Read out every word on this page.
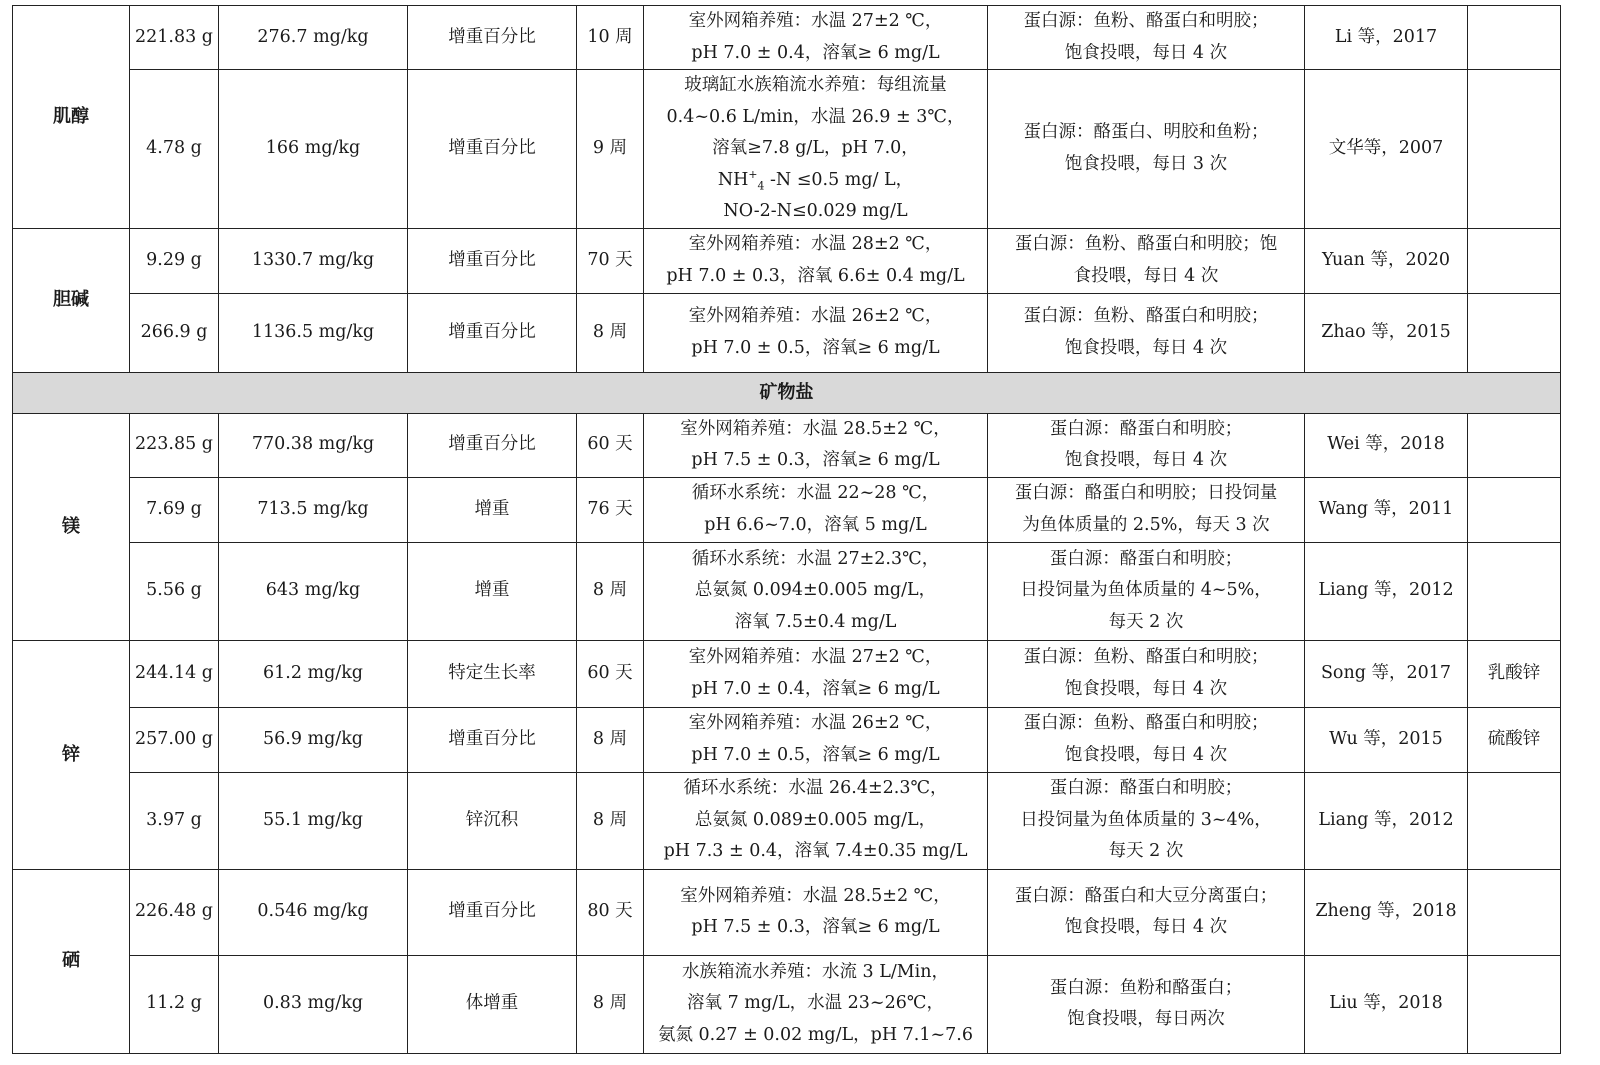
肌醇	221.83 g	276.7 mg/kg	增重百分比	10 周	室外网箱养殖：水温 27±2 ℃，
pH 7.0 ± 0.4，溶氧≥ 6 mg/L	蛋白源：鱼粉、酪蛋白和明胶；
饱食投喂，每日 4 次	Li 等，2017	
	4.78 g	166 mg/kg	增重百分比	9 周	玻璃缸水族箱流水养殖：每组流量
0.4~0.6 L/min，水温 26.9 ± 3℃，
溶氧≥7.8 g/L，pH 7.0，
$NH^+_4$ -N ≤0.5 mg/ L，
NO-2-N≤0.029 mg/L	蛋白源：酪蛋白、明胶和鱼粉；
饱食投喂，每日 3 次	文华等，2007	
胆碱	9.29 g	1330.7 mg/kg	增重百分比	70 天	室外网箱养殖：水温 28±2 ℃，
pH 7.0 ± 0.3，溶氧 6.6± 0.4 mg/L	蛋白源：鱼粉、酪蛋白和明胶；饱
食投喂，每日 4 次	Yuan 等，2020	
	266.9 g	1136.5 mg/kg	增重百分比	8 周	室外网箱养殖：水温 26±2 ℃，
pH 7.0 ± 0.5，溶氧≥ 6 mg/L	蛋白源：鱼粉、酪蛋白和明胶；
饱食投喂，每日 4 次	Zhao 等，2015	
矿物盐								
镁	223.85 g	770.38 mg/kg	增重百分比	60 天	室外网箱养殖：水温 28.5±2 ℃，
pH 7.5 ± 0.3，溶氧≥ 6 mg/L	蛋白源：酪蛋白和明胶；
饱食投喂，每日 4 次	Wei 等，2018	
	7.69 g	713.5 mg/kg	增重	76 天	循环水系统：水温 22~28 ℃，
pH 6.6~7.0，溶氧 5 mg/L	蛋白源：酪蛋白和明胶；日投饲量
为鱼体质量的 2.5%，每天 3 次	Wang 等，2011	
	5.56 g	643 mg/kg	增重	8 周	循环水系统：水温 27±2.3℃，
总氨氮 0.094±0.005 mg/L，
溶氧 7.5±0.4 mg/L	蛋白源：酪蛋白和明胶；
日投饲量为鱼体质量的 4~5%，
每天 2 次	Liang 等，2012	
锌	244.14 g	61.2 mg/kg	特定生长率	60 天	室外网箱养殖：水温 27±2 ℃，
pH 7.0 ± 0.4，溶氧≥ 6 mg/L	蛋白源：鱼粉、酪蛋白和明胶；
饱食投喂，每日 4 次	Song 等，2017	乳酸锌
	257.00 g	56.9 mg/kg	增重百分比	8 周	室外网箱养殖：水温 26±2 ℃，
pH 7.0 ± 0.5，溶氧≥ 6 mg/L	蛋白源：鱼粉、酪蛋白和明胶；
饱食投喂，每日 4 次	Wu 等，2015	硫酸锌
	3.97 g	55.1 mg/kg	锌沉积	8 周	循环水系统：水温 26.4±2.3℃，
总氨氮 0.089±0.005 mg/L，
pH 7.3 ± 0.4，溶氧 7.4±0.35 mg/L	蛋白源：酪蛋白和明胶；
日投饲量为鱼体质量的 3~4%，
每天 2 次	Liang 等，2012	
硒	226.48 g	0.546 mg/kg	增重百分比	80 天	室外网箱养殖：水温 28.5±2 ℃，
pH 7.5 ± 0.3，溶氧≥ 6 mg/L	蛋白源：酪蛋白和大豆分离蛋白；
饱食投喂，每日 4 次	Zheng 等，2018	
	11.2 g	0.83 mg/kg	体增重	8 周	水族箱流水养殖：水流 3 L/Min，
溶氧 7 mg/L，水温 23~26℃，
氨氮 0.27 ± 0.02 mg/L，pH 7.1~7.6	蛋白源：鱼粉和酪蛋白；
饱食投喂，每日两次	Liu 等，2018	
